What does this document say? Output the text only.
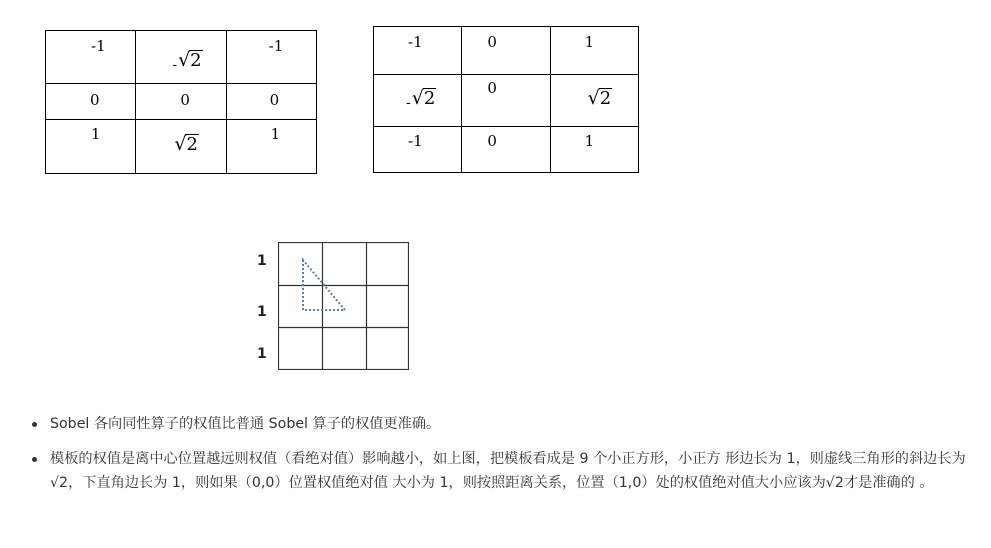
-1	- √ 2	-1

0	0	0

1	√ 2	1
-1	0	1

- √ 2	0	√ 2

-1	0	1
1
1
1
Sobel 各向同性算子的权值比普通 Sobel 算子的权值更准确。
模板的权值是离中心位置越远则权值（看绝对值）影响越小，如上图，把模板看成是 9 个小正方形，小正方 形边长为 1，则虚线三角形的斜边长为√2，下直角边长为 1，则如果（0,0）位置权值绝对值 大小为 1，则按照距离关系，位置（1,0）处的权值绝对值大小应该为√2才是准确的 。
